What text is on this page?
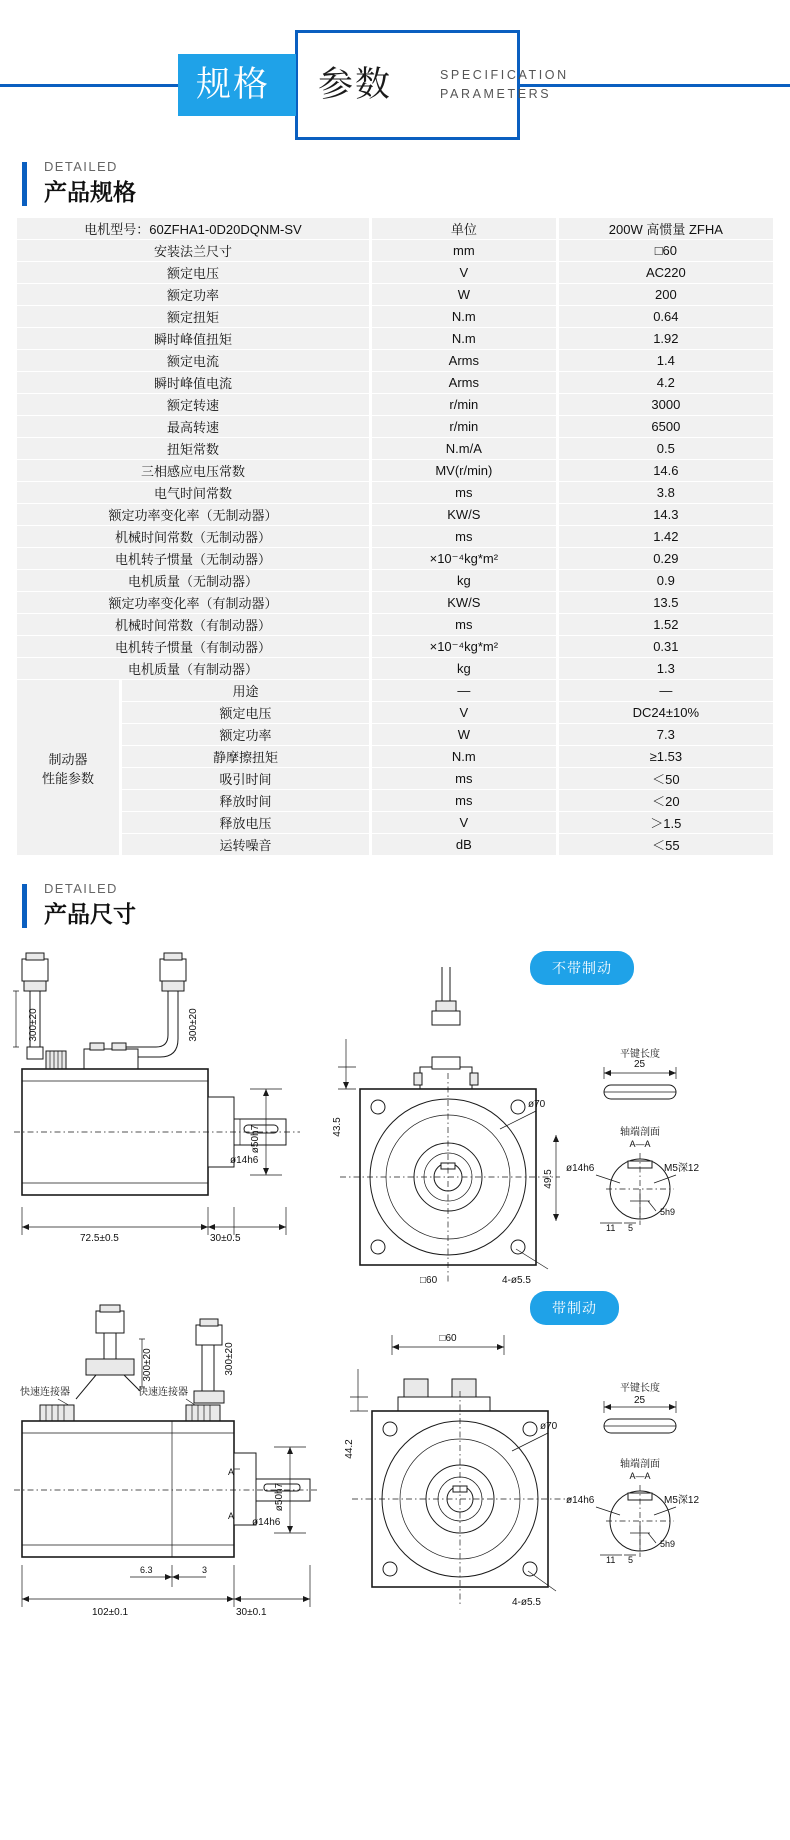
规格 参数	SPECIFICATION
PARAMETERS
DETAILED
产品规格
电机型号：60ZFHA1-0D20DQNM-SV		单位	200W 高惯量 ZFHA
安装法兰尺寸		mm	□60
额定电压		V	AC220
额定功率		W	200
额定扭矩		N.m	0.64
瞬时峰值扭矩		N.m	1.92
额定电流		Arms	1.4
瞬时峰值电流		Arms	4.2
额定转速		r/min	3000
最高转速		r/min	6500
扭矩常数		N.m/A	0.5
三相感应电压常数		MV(r/min)	14.6
电气时间常数		ms	3.8
额定功率变化率（无制动器）		KW/S	14.3
机械时间常数（无制动器）		ms	1.42
电机转子惯量（无制动器）		×10⁻⁴kg*m²	0.29
电机质量（无制动器）		kg	0.9
额定功率变化率（有制动器）		KW/S	13.5
机械时间常数（有制动器）		ms	1.52
电机转子惯量（有制动器）		×10⁻⁴kg*m²	0.31
电机质量（有制动器）		kg	1.3

制动器
性能参数	用途	—	—
	额定电压	V	DC24±10%
	额定功率	W	7.3
	静摩擦扭矩	N.m	≥1.53
	吸引时间	ms	＜50
	释放时间	ms	＜20
	释放电压	V	＞1.5
	运转噪音	dB	＜55
DETAILED
产品尺寸
不带制动
带制动
300±20	300±20
ø50h7
ø14h6
72.5±0.5	30±0.5
43.5
ø70
49.5
□60	4-ø5.5
平键长度
25
轴端剖面
A—A
ø14h6	M5深12
5h9
11 5
300±20	300±20
快速连接器	快速连接器
A
A
ø50h7
ø14h6
6.3	3
102±0.1	30±0.1
□60
44.2
ø70
4-ø5.5
平键长度
25
轴端剖面
A—A
ø14h6	M5深12
5h9
11 5
